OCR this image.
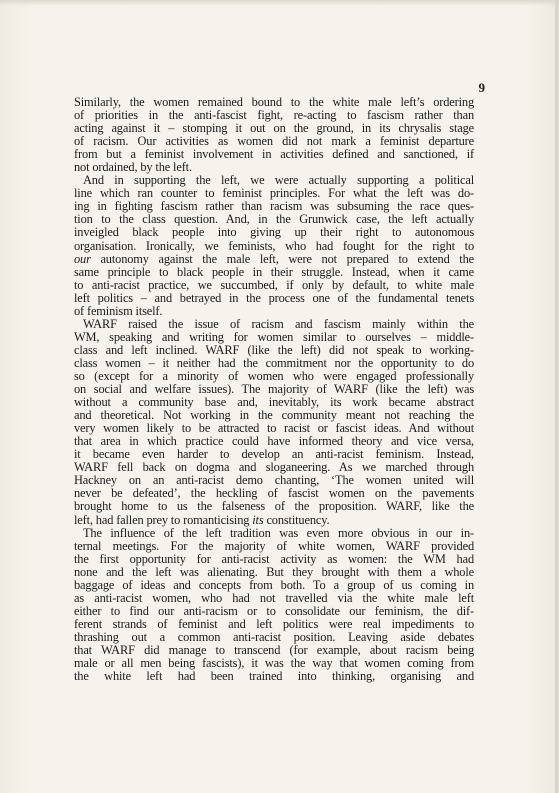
9

Similarly, the women remained bound to the white male left’s ordering
of priorities in the anti-fascist fight, re-acting to fascism rather than
acting against it – stomping it out on the ground, in its chrysalis stage
of racism. Our activities as women did not mark a feminist departure
from but a feminist involvement in activities defined and sanctioned, if
not ordained, by the left.

And in supporting the left, we were actually supporting a political
line which ran counter to feminist principles. For what the left was do-
ing in fighting fascism rather than racism was subsuming the race ques-
tion to the class question. And, in the Grunwick case, the left actually
inveigled black people into giving up their right to autonomous
organisation. Ironically, we feminists, who had fought for the right to
our autonomy against the male left, were not prepared to extend the
same principle to black people in their struggle. Instead, when it came
to anti-racist practice, we succumbed, if only by default, to white male
left politics – and betrayed in the process one of the fundamental tenets
of feminism itself.

WARF raised the issue of racism and fascism mainly within the
WM, speaking and writing for women similar to ourselves – middle-
class and left inclined. WARF (like the left) did not speak to working-
class women – it neither had the commitment nor the opportunity to do
so (except for a minority of women who were engaged professionally
on social and welfare issues). The majority of WARF (like the left) was
without a community base and, inevitably, its work became abstract
and theoretical. Not working in the community meant not reaching the
very women likely to be attracted to racist or fascist ideas. And without
that area in which practice could have informed theory and vice versa,
it became even harder to develop an anti-racist feminism. Instead,
WARF fell back on dogma and sloganeering. As we marched through
Hackney on an anti-racist demo chanting, ‘The women united will
never be defeated’, the heckling of fascist women on the pavements
brought home to us the falseness of the proposition. WARF, like the
left, had fallen prey to romanticising its constituency.

The influence of the left tradition was even more obvious in our in-
ternal meetings. For the majority of white women, WARF provided
the first opportunity for anti-racist activity as women: the WM had
none and the left was alienating. But they brought with them a whole
baggage of ideas and concepts from both. To a group of us coming in
as anti-racist women, who had not travelled via the white male left
either to find our anti-racism or to consolidate our feminism, the dif-
ferent strands of feminist and left politics were real impediments to
thrashing out a common anti-racist position. Leaving aside debates
that WARF did manage to transcend (for example, about racism being
male or all men being fascists), it was the way that women coming from
the white left had been trained into thinking, organising and
